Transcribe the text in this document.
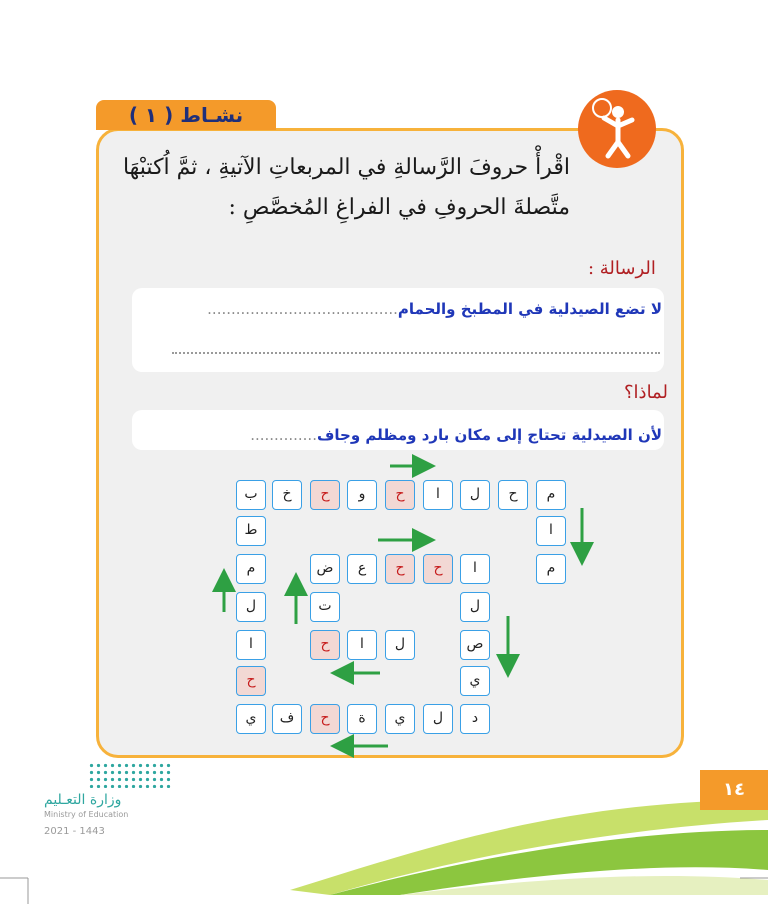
نشـاط ( ١ )
اقْرأْ حروفَ الرَّسالةِ في المربعاتِ الآتيةِ ، ثمَّ اُكتبْهَا متَّصلةَ الحروفِ في الفراغِ المُخصَّصِ :
الرسالة :
لا تضع الصيدلية في المطبخ والحمام........................................
لماذا؟
لأن الصيدلية تحتاج إلى مكان بارد ومظلم وجاف..............
م
ح
ل
ا
ح
و
ح
خ
ب
ا
ط
م
ا
ح
ح
ع
ض
م
ل
ت
ل
ص
ل
ا
ح
ا
ي
ح
د
ل
ي
ة
ح
ف
ي
١٤
وزارة التعـليم
Ministry of Education
2021 - 1443
